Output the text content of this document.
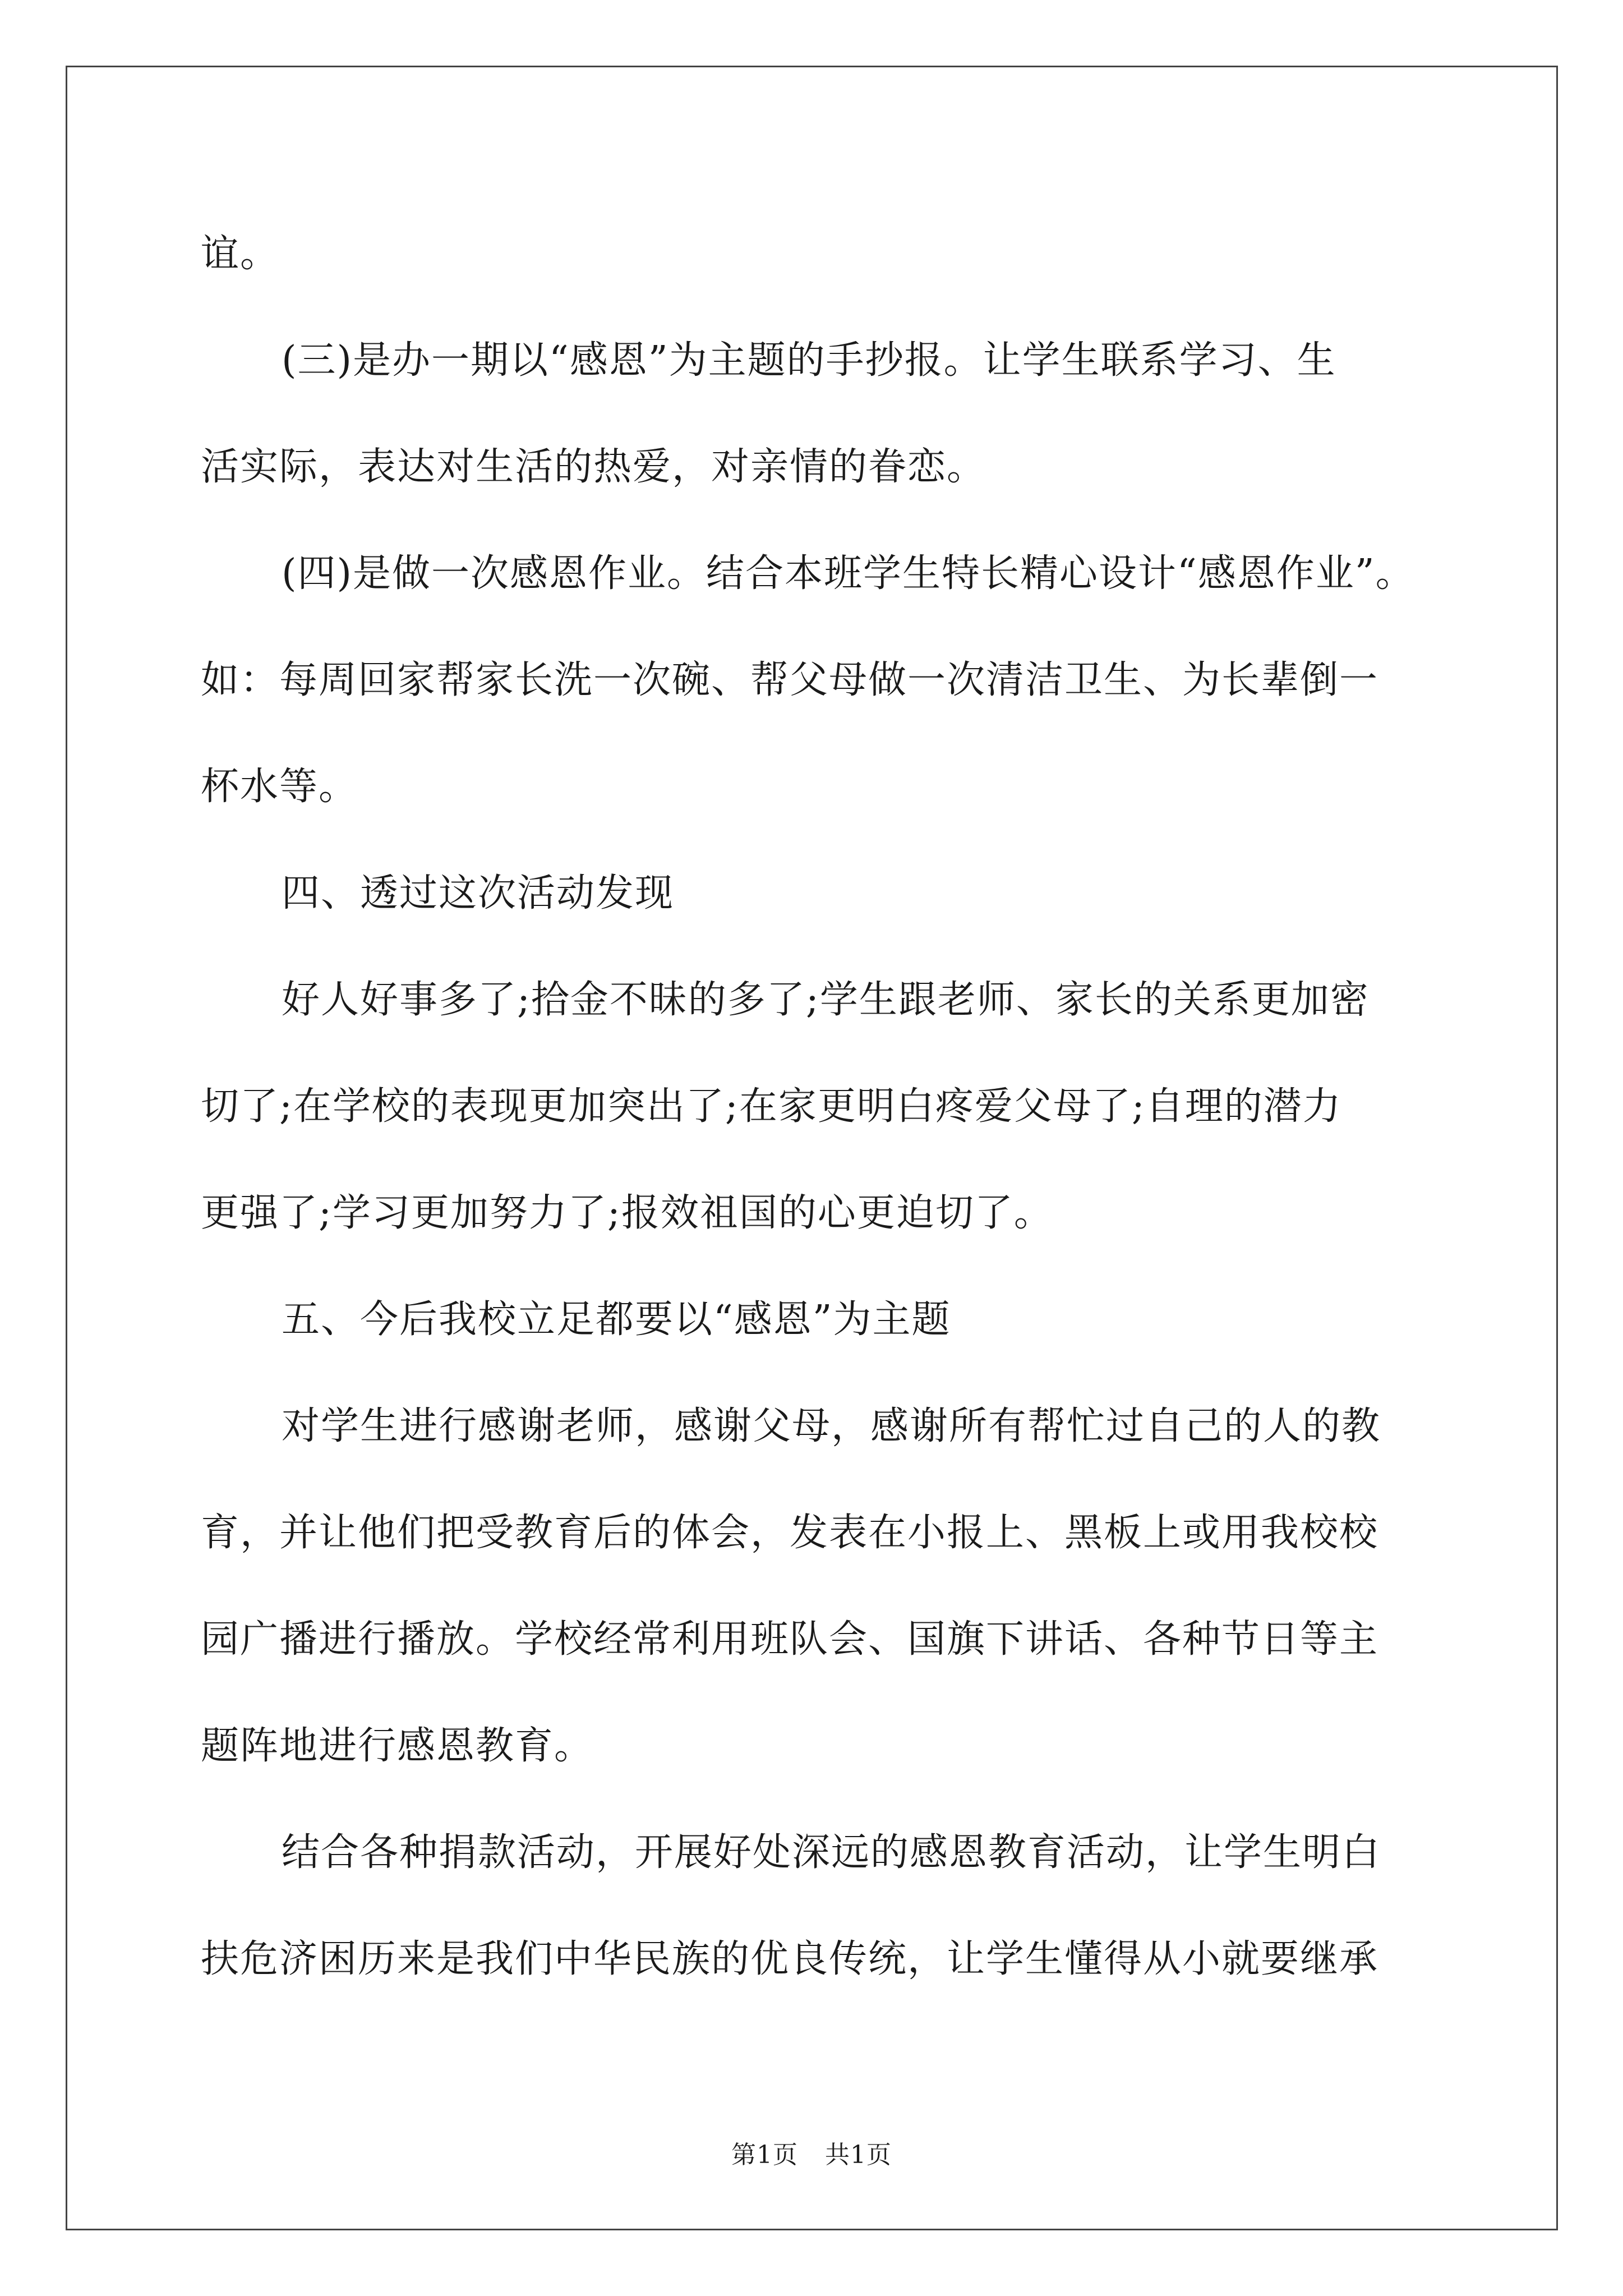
谊。
(三)是办一期以“感恩”为主题的手抄报。让学生联系学习、生
活实际，表达对生活的热爱，对亲情的眷恋。
(四)是做一次感恩作业。结合本班学生特长精心设计“感恩作业”。
如：每周回家帮家长洗一次碗、帮父母做一次清洁卫生、为长辈倒一
杯水等。
四、透过这次活动发现
好人好事多了;拾金不昧的多了;学生跟老师、家长的关系更加密
切了;在学校的表现更加突出了;在家更明白疼爱父母了;自理的潜力
更强了;学习更加努力了;报效祖国的心更迫切了。
五、今后我校立足都要以“感恩”为主题
对学生进行感谢老师，感谢父母，感谢所有帮忙过自己的人的教
育，并让他们把受教育后的体会，发表在小报上、黑板上或用我校校
园广播进行播放。学校经常利用班队会、国旗下讲话、各种节日等主
题阵地进行感恩教育。
结合各种捐款活动，开展好处深远的感恩教育活动，让学生明白
扶危济困历来是我们中华民族的优良传统，让学生懂得从小就要继承
第1页 共1页
